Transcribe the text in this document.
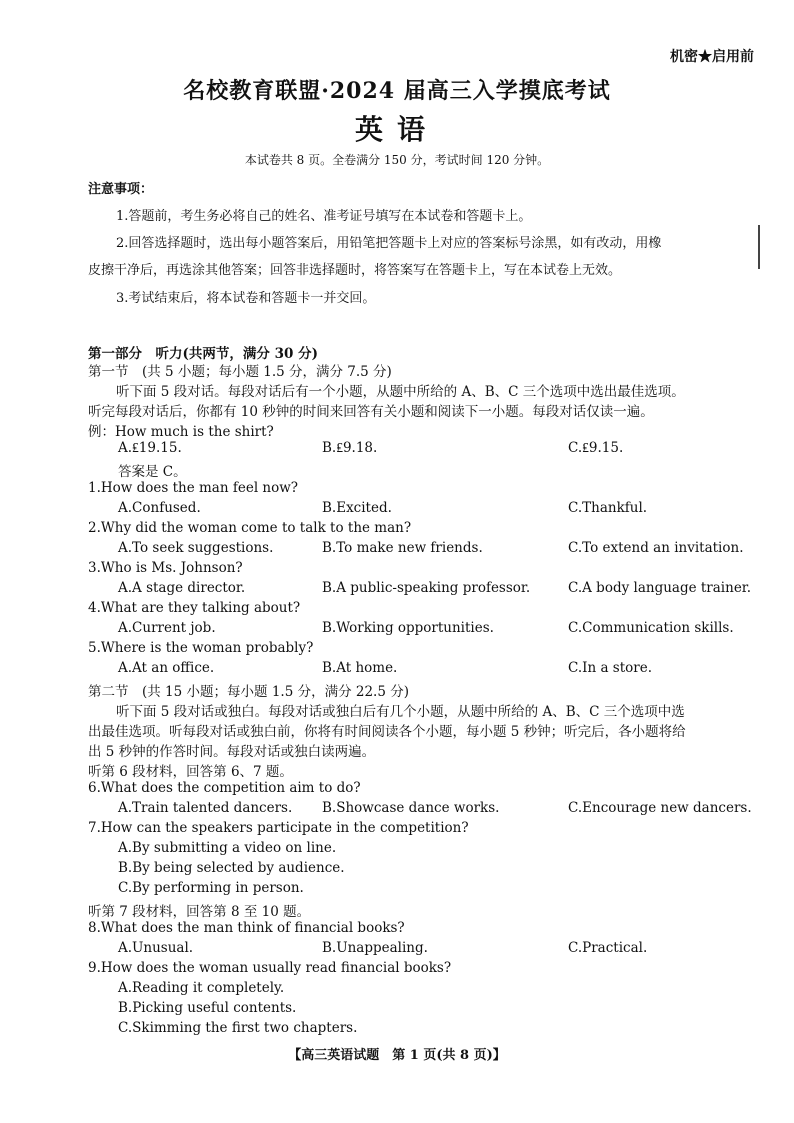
机密★启用前
名校教育联盟·2024 届高三入学摸底考试
英语
本试卷共 8 页。全卷满分 150 分，考试时间 120 分钟。
注意事项：
1.答题前，考生务必将自己的姓名、准考证号填写在本试卷和答题卡上。
2.回答选择题时，选出每小题答案后，用铅笔把答题卡上对应的答案标号涂黑，如有改动，用橡
皮擦干净后，再选涂其他答案；回答非选择题时，将答案写在答题卡上，写在本试卷上无效。
3.考试结束后，将本试卷和答题卡一并交回。
第一部分　听力(共两节，满分 30 分)
第一节　(共 5 小题；每小题 1.5 分，满分 7.5 分)
听下面 5 段对话。每段对话后有一个小题，从题中所给的 A、B、C 三个选项中选出最佳选项。
听完每段对话后，你都有 10 秒钟的时间来回答有关小题和阅读下一小题。每段对话仅读一遍。
例：How much is the shirt?
A.₤19.15.	B.₤9.18.	C.₤9.15.
答案是 C。
1.How does the man feel now?
A.Confused.	B.Excited.	C.Thankful.
2.Why did the woman come to talk to the man?
A.To seek suggestions.	B.To make new friends.	C.To extend an invitation.
3.Who is Ms. Johnson?
A.A stage director.	B.A public-speaking professor.	C.A body language trainer.
4.What are they talking about?
A.Current job.	B.Working opportunities.	C.Communication skills.
5.Where is the woman probably?
A.At an office.	B.At home.	C.In a store.
第二节　(共 15 小题；每小题 1.5 分，满分 22.5 分)
听下面 5 段对话或独白。每段对话或独白后有几个小题，从题中所给的 A、B、C 三个选项中选
出最佳选项。听每段对话或独白前，你将有时间阅读各个小题，每小题 5 秒钟；听完后，各小题将给
出 5 秒钟的作答时间。每段对话或独白读两遍。
听第 6 段材料，回答第 6、7 题。
6.What does the competition aim to do?
A.Train talented dancers. B.Showcase dance works.	C.Encourage new dancers.
7.How can the speakers participate in the competition?
A.By submitting a video on line.
B.By being selected by audience.
C.By performing in person.
听第 7 段材料，回答第 8 至 10 题。
8.What does the man think of financial books?
A.Unusual.	B.Unappealing.	C.Practical.
9.How does the woman usually read financial books?
A.Reading it completely.
B.Picking useful contents.
C.Skimming the first two chapters.
【高三英语试题　第 1 页(共 8 页)】
